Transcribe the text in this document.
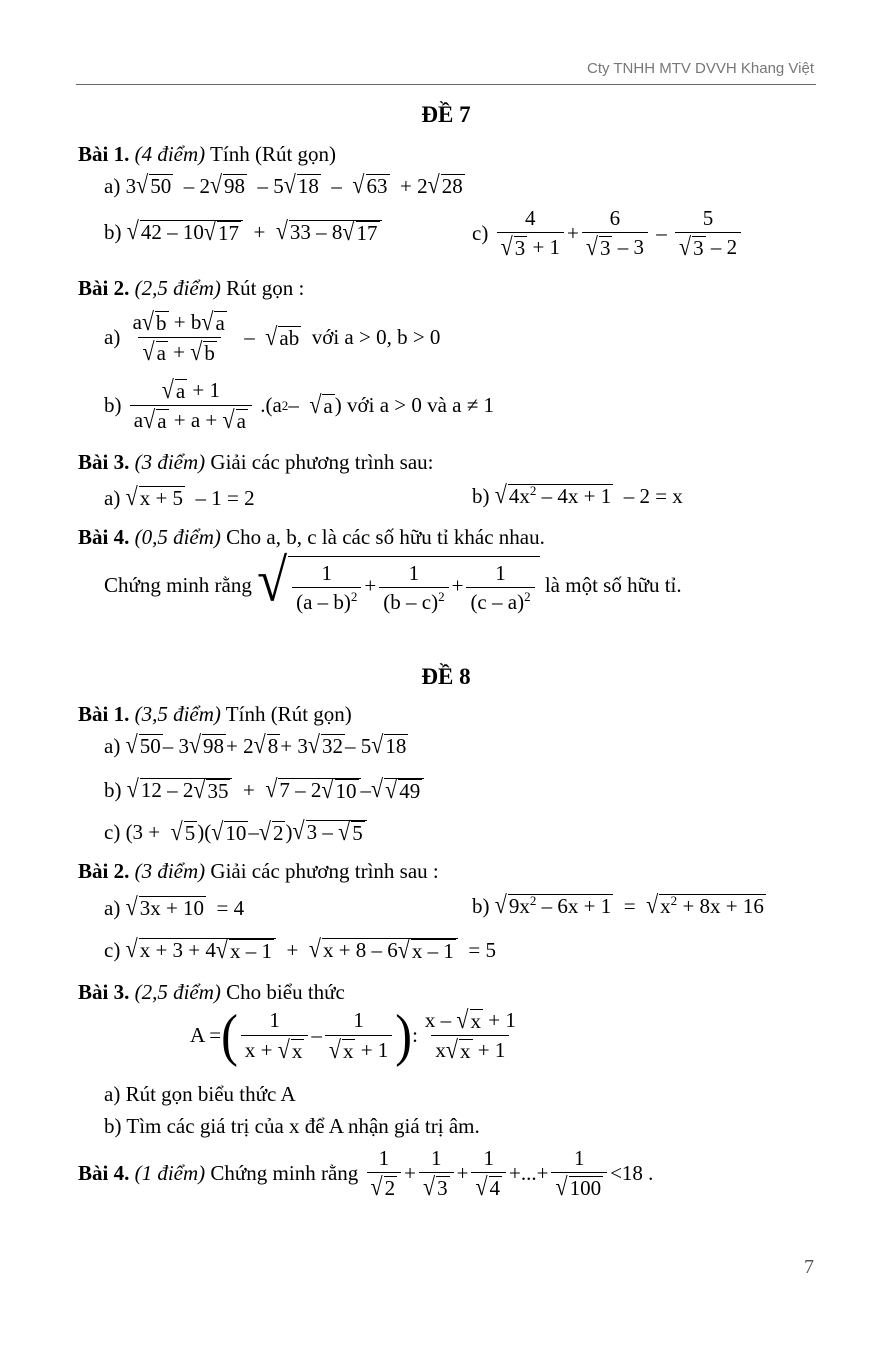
Cty TNHH MTV DVVH Khang Việt
ĐỀ 7
Bài 1. (4 điểm) Tính (Rút gọn)
a) 3 √ 50 – 2 √ 98 – 5 √ 18 – √ 63 + 2 √ 28
b) √ 42 – 10 √ 17 + √ 33 – 8 √ 17	$c) \frac{4}{√ 3 + 1} + \frac{6}{√ 3 - 3} - \frac{5}{√ 3 - 2}$
Bài 2. (2,5 điểm) Rút gọn :
$a) \frac{a √ b + b √ a}{√ a + √ b}$ – √ ab
với a > 0, b > 0
$b) \frac{√ a + 1}{a √ a + a + √ a} .(a$ 2 – √ a ) với a > 0 và a ≠ 1
Bài 3. (3 điểm) Giải các phương trình sau:
a) √ x + 5 – 1 = 2	b) √ $4x^2 - 4x + 1 - 2 = x$
Bài 4. (0,5 điểm) Cho a, b, c là các số hữu tỉ khác nhau.
Chứng minh rằng
√ $\frac{1}{(a - b)^2} + \frac{1}{(b - c)^2} + \frac{1}{(c - a)^2}$
là một số hữu tỉ.
ĐỀ 8
Bài 1. (3,5 điểm) Tính (Rút gọn)
a) √ 50 – 3 √ 98 + 2 √ 8 + 3 √ 32 – 5 √ 18
b) √ 12 – 2 √ 35 + √ 7 – 2 √ 10 – √ √ 49
c) (3 + √ 5 )( √ 10 – √ 2 ) √ 3 – √ 5
Bài 2. (3 điểm) Giải các phương trình sau :
a) √ 3x + 10 = 4	b) √ $9x^2 - 6x + 1$ = √ $x^2 + 8x + 16$
c) √ x + 3 + 4 √ x – 1 + √ x + 8 – 6 √ x – 1 = 5
Bài 3. (2,5 điểm) Cho biểu thức
A = ( $\frac{1}{x + √ x} - \frac{1}{√ x + 1}$ ) : $\frac{x - √ x + 1}{x √ x + 1}$
a) Rút gọn biểu thức A
b) Tìm các giá trị của x để A nhận giá trị âm.
Bài 4.
(1 điểm)
Chứng minh rằng
$\frac{1}{√ 2} + \frac{1}{√ 3} + \frac{1}{√ 4}$ +...+ $\frac{1}{√ 100} <18$ .
7
